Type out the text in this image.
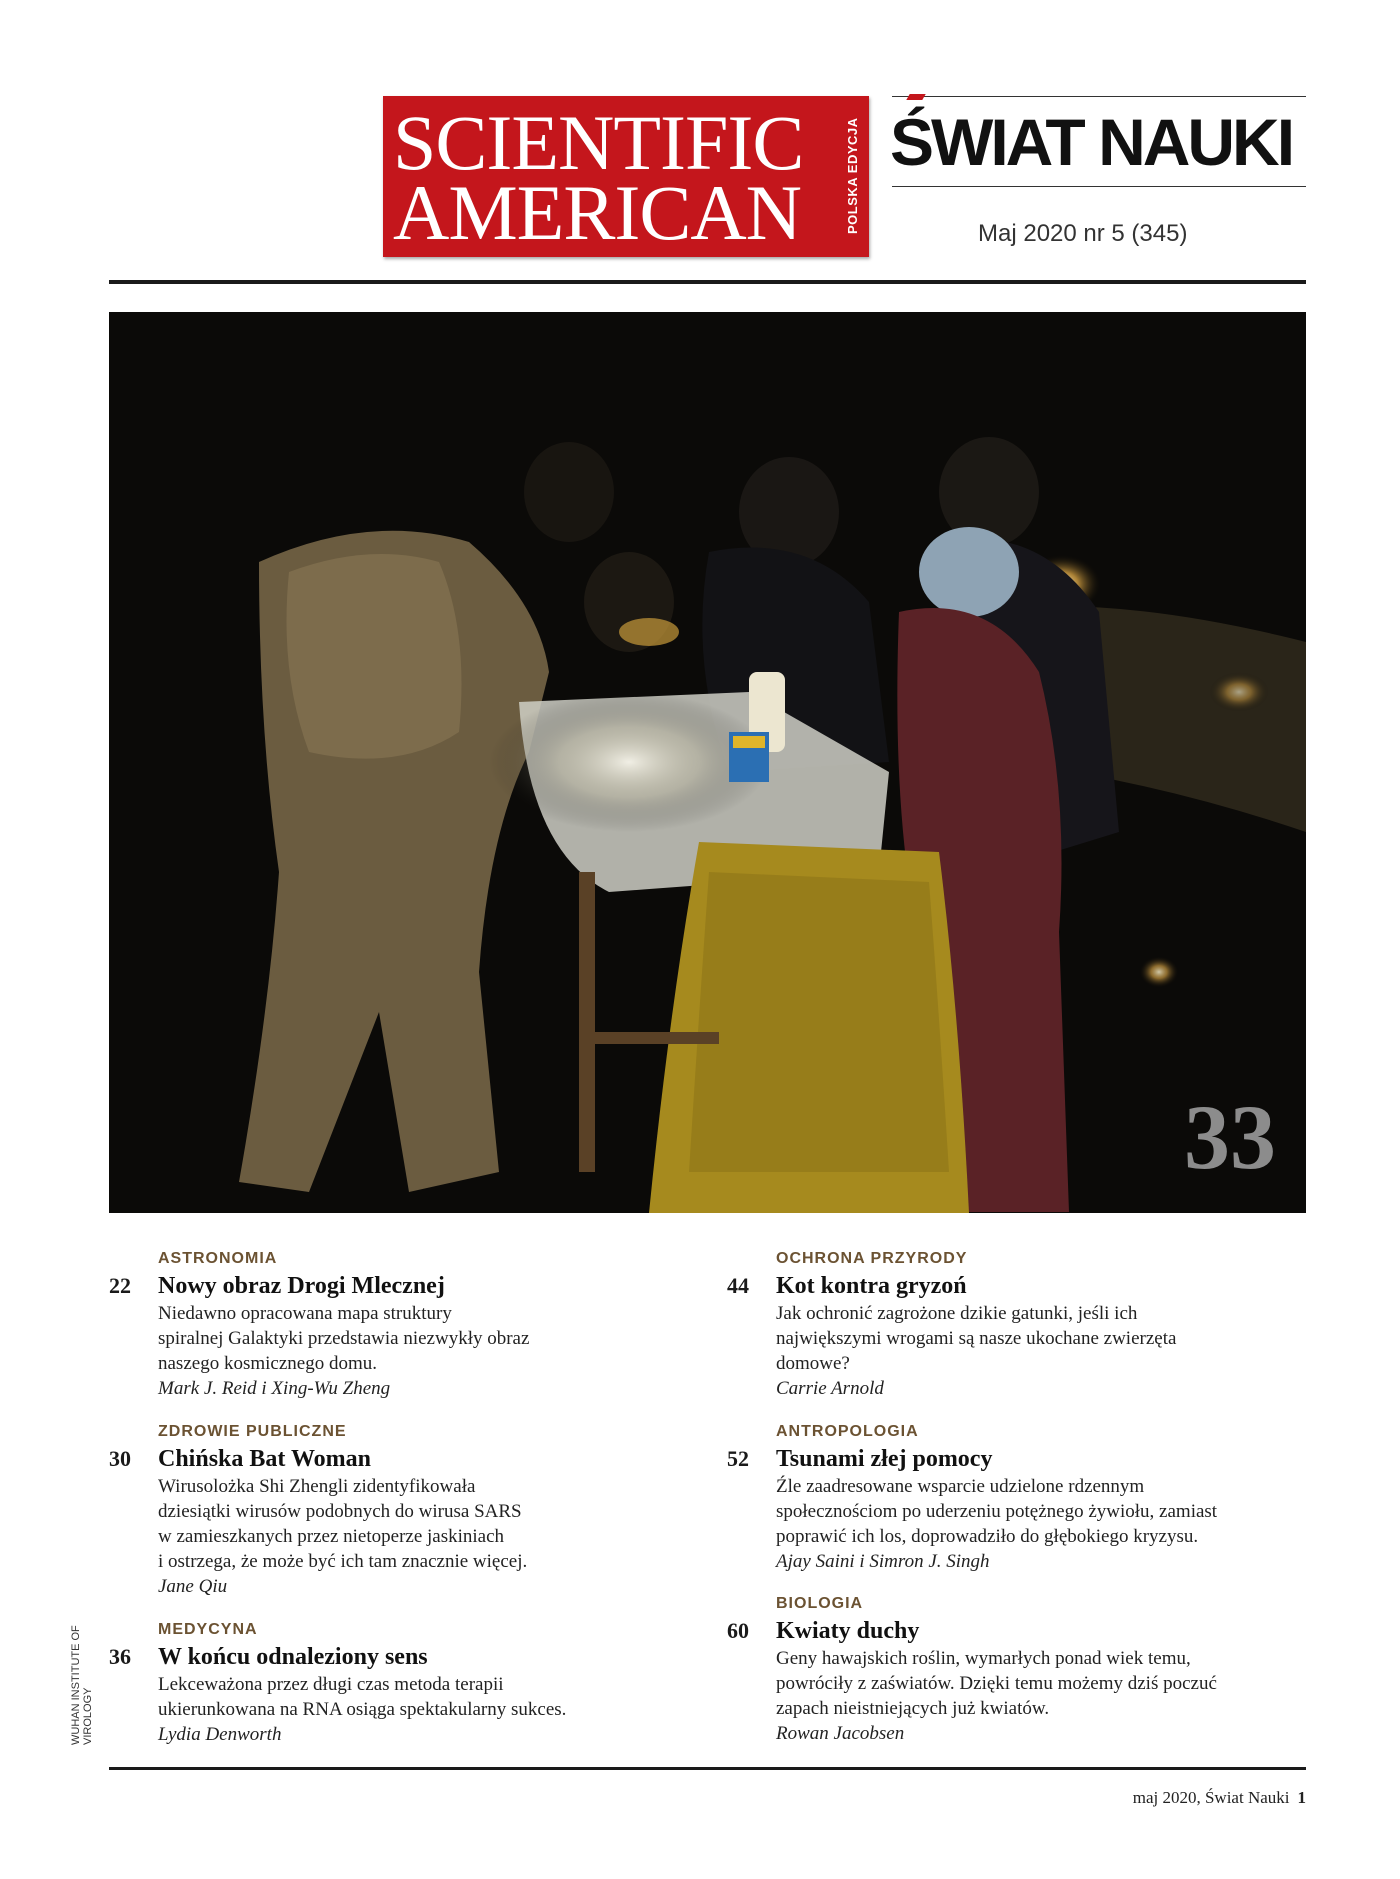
SCIENTIFIC
AMERICAN	POLSKA EDYCJA ŚWIAT NAUKI
Maj 2020 nr 5 (345)
33
WUHAN INSTITUTE OF VIROLOGY
ASTRONOMIA
22	Nowy obraz Drogi Mlecznej
Niedawno opracowana mapa struktury
spiralnej Galaktyki przedstawia niezwykły obraz
naszego kosmicznego domu.
Mark J. Reid i Xing-Wu Zheng
ZDROWIE PUBLICZNE
30	Chińska Bat Woman
Wirusolożka Shi Zhengli zidentyfikowała
dziesiątki wirusów podobnych do wirusa SARS
w zamieszkanych przez nietoperze jaskiniach
i ostrzega, że może być ich tam znacznie więcej.
Jane Qiu
MEDYCYNA
36	W końcu odnaleziony sens
Lekceważona przez długi czas metoda terapii
ukierunkowana na RNA osiąga spektakularny sukces.
Lydia Denworth
OCHRONA PRZYRODY
44	Kot kontra gryzoń
Jak ochronić zagrożone dzikie gatunki, jeśli ich
największymi wrogami są nasze ukochane zwierzęta
domowe?
Carrie Arnold
ANTROPOLOGIA
52	Tsunami złej pomocy
Źle zaadresowane wsparcie udzielone rdzennym
społecznościom po uderzeniu potężnego żywiołu, zamiast
poprawić ich los, doprowadziło do głębokiego kryzysu.
Ajay Saini i Simron J. Singh
BIOLOGIA
60	Kwiaty duchy
Geny hawajskich roślin, wymarłych ponad wiek temu,
powróciły z zaświatów. Dzięki temu możemy dziś poczuć
zapach nieistniejących już kwiatów.
Rowan Jacobsen
maj 2020, Świat Nauki 1
